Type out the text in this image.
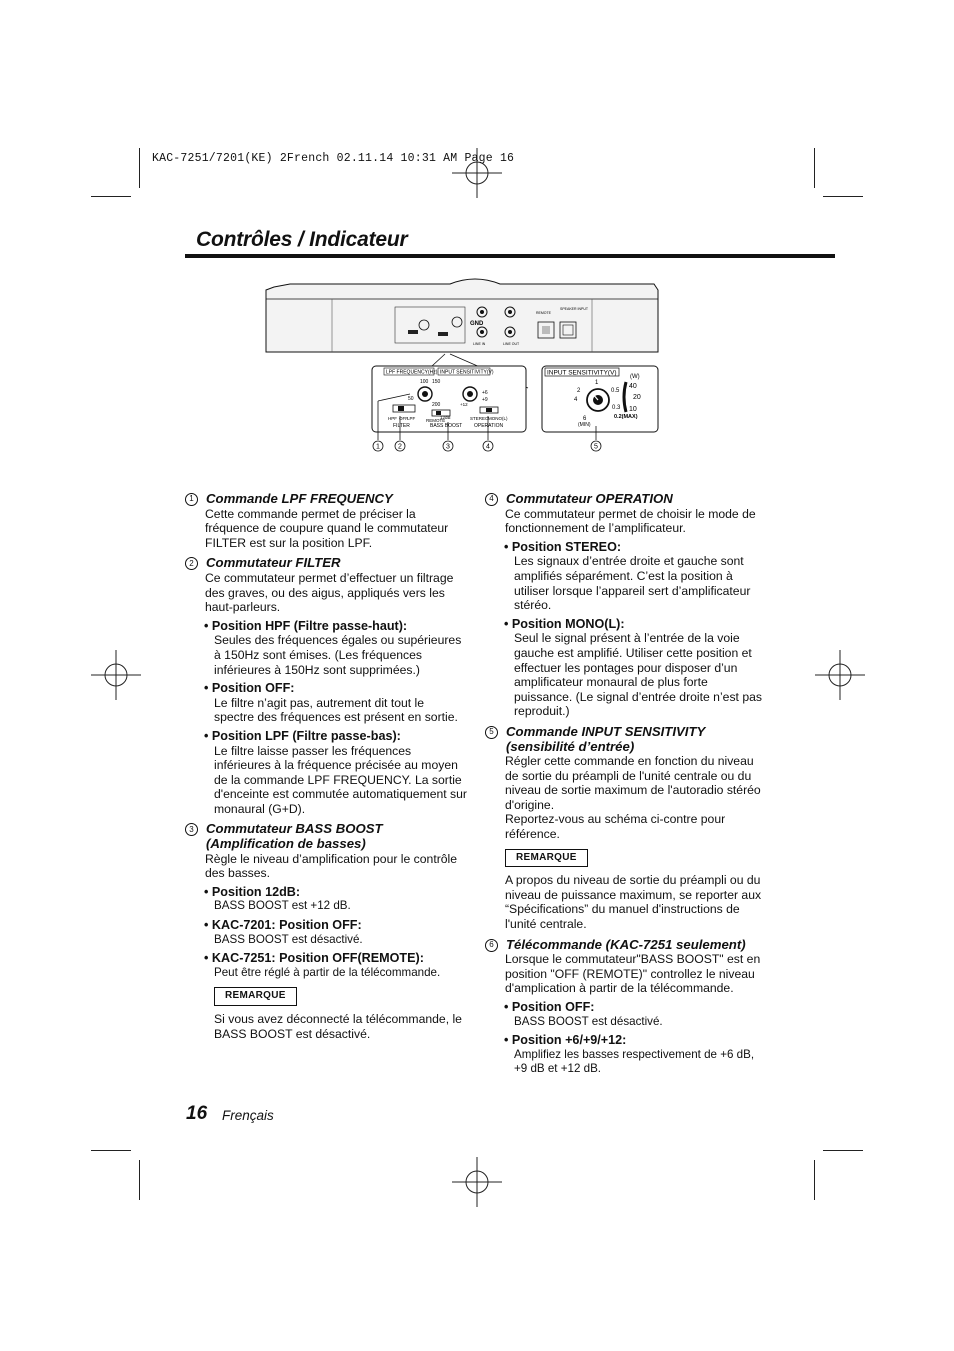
KAC-7251/7201(KE) 2French 02.11.14 10:31 AM Page 16
Contrôles / Indicateur
GND
LINE IN	LINE OUT
REMOTE
SPEAKER INPUT
LPF FREQUENCY(Hz) INPUT SENSITIVITY(V)
100 150
50
200
+6
+9
+12
HPF OFF LPF
FILTER
REMOTE
12dB
BASS BOOST
STEREO MONO(L)
OPERATION
INPUT SENSITIVITY(V)
1
2	0.5
4
0.3
6
(MIN)
0.2(MAX)
(W)
40
20
10
1	2	3	4	5
1 Commande LPF FREQUENCY

Cette commande permet de préciser la fréquence de coupure quand le commutateur FILTER est sur la position LPF.

2 Commutateur FILTER

Ce commutateur permet d’effectuer un filtrage des graves, ou des aigus, appliqués vers les haut-parleurs.

• Position HPF (Filtre passe-haut):
Seules des fréquences égales ou supérieures à 150Hz sont émises. (Les fréquences inférieures à 150Hz sont supprimées.)
• Position OFF:
Le filtre n’agit pas, autrement dit tout le spectre des fréquences est présent en sortie.
• Position LPF (Filtre passe-bas):
Le filtre laisse passer les fréquences inférieures à la fréquence précisée au moyen de la commande LPF FREQUENCY. La sortie d'enceinte est commutée automatiquement sur monaural (G+D).
3 Commutateur BASS BOOST (Amplification de basses)

Règle le niveau d’amplification pour le contrôle des basses.

• Position 12dB:
BASS BOOST est +12 dB.
• KAC-7201: Position OFF:
BASS BOOST est désactivé.
• KAC-7251: Position OFF(REMOTE):
Peut être réglé à partir de la télécommande.
REMARQUE
Si vous avez déconnecté la télécommande, le BASS BOOST est désactivé.
4 Commutateur OPERATION

Ce commutateur permet de choisir le mode de fonctionnement de l’amplificateur.

• Position STEREO:
Les signaux d’entrée droite et gauche sont amplifiés séparément. C’est la position à utiliser lorsque l’appareil sert d’amplificateur stéréo.
• Position MONO(L):
Seul le signal présent à l’entrée de la voie gauche est amplifié. Utiliser cette position et effectuer les pontages pour disposer d’un amplificateur monaural de plus forte puissance. (Le signal d’entrée droite n’est pas reproduit.)
5 Commande INPUT SENSITIVITY (sensibilité d’entrée)

Régler cette commande en fonction du niveau de sortie du préampli de l'unité centrale ou du niveau de sortie maximum de l'autoradio stéréo d'origine.

Reportez-vous au schéma ci-contre pour référence.

REMARQUE
A propos du niveau de sortie du préampli ou du niveau de puissance maximum, se reporter aux “Spécifications” du manuel d'instructions de l'unité centrale.
6 Télécommande (KAC-7251 seulement)

Lorsque le commutateur"BASS BOOST" est en position "OFF (REMOTE)" controllez le niveau d'amplication à partir de la télécommande.

• Position OFF:
BASS BOOST est désactivé.
• Position +6/+9/+12:
Amplifiez les basses respectivement de +6 dB, +9 dB et +12 dB.
16 Frençais
